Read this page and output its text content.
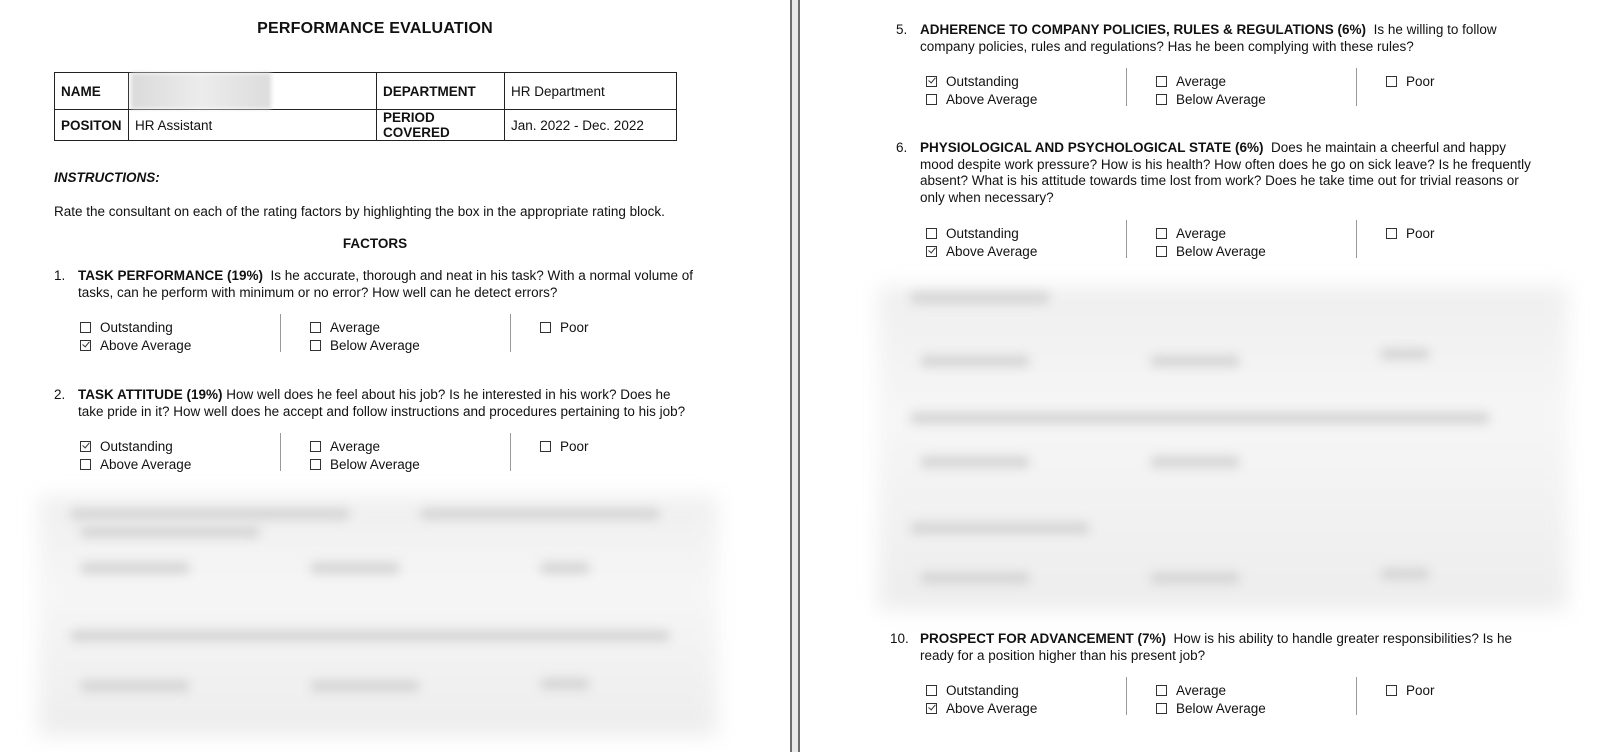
PERFORMANCE EVALUATION
NAME		DEPARTMENT	HR Department
POSITON	HR Assistant	PERIOD COVERED	Jan. 2022 - Dec. 2022
INSTRUCTIONS:
Rate the consultant on each of the rating factors by highlighting the box in the appropriate rating block.
FACTORS
1. TASK PERFORMANCE (19%) Is he accurate, thorough and neat in his task? With a normal volume of tasks, can he perform with minimum or no error? How well can he detect errors?
Outstanding
Above Average
Average
Below Average
Poor
2. TASK ATTITUDE (19%) How well does he feel about his job? Is he interested in his work? Does he take pride in it? How well does he accept and follow instructions and procedures pertaining to his job?
Outstanding
Above Average
Average
Below Average
Poor
5. ADHERENCE TO COMPANY POLICIES, RULES & REGULATIONS (6%) Is he willing to follow company policies, rules and regulations? Has he been complying with these rules?
Outstanding
Above Average
Average
Below Average
Poor
6. PHYSIOLOGICAL AND PSYCHOLOGICAL STATE (6%) Does he maintain a cheerful and happy mood despite work pressure? How is his health? How often does he go on sick leave? Is he frequently absent? What is his attitude towards time lost from work? Does he take time out for trivial reasons or only when necessary?
Outstanding
Above Average
Average
Below Average
Poor
10. PROSPECT FOR ADVANCEMENT (7%) How is his ability to handle greater responsibilities? Is he ready for a position higher than his present job?
Outstanding
Above Average
Average
Below Average
Poor
